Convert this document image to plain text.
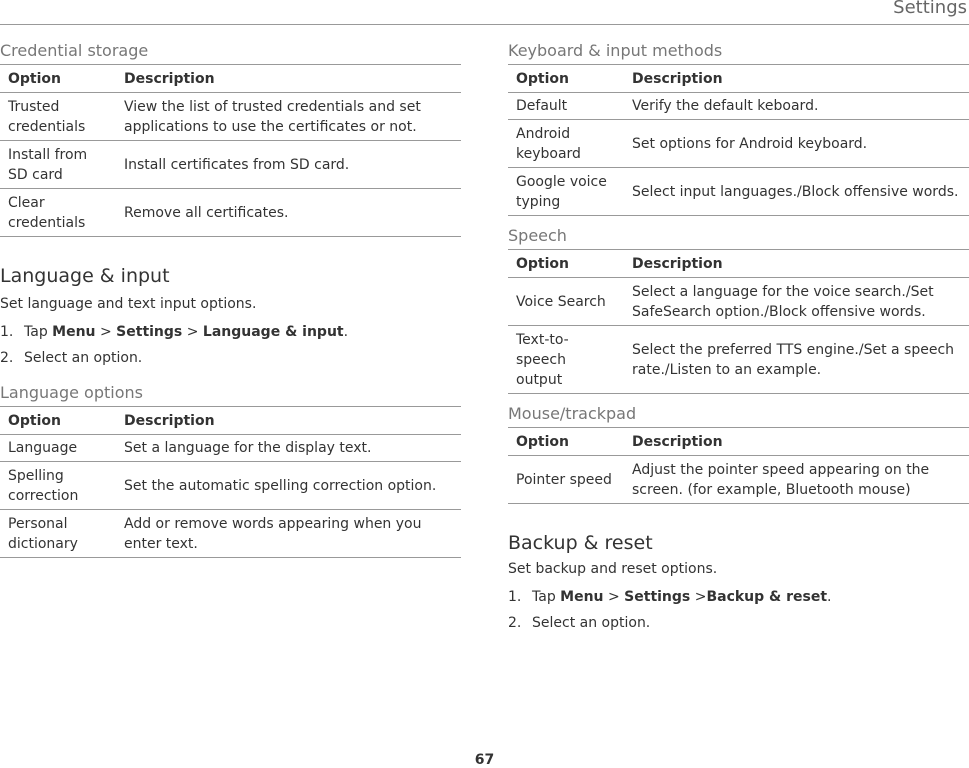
Settings
Credential storage
Option	Description
Trusted credentials	View the list of trusted credentials and set applications to use the certificates or not.
Install from SD card	Install certificates from SD card.
Clear credentials	Remove all certificates.
Language & input
Set language and text input options.
1. Tap Menu > Settings > Language & input.
2. Select an option.
Language options
Option	Description
Language	Set a language for the display text.
Spelling correction	Set the automatic spelling correction option.
Personal dictionary	Add or remove words appearing when you enter text.
Keyboard & input methods
Option	Description
Default	Verify the default keboard.
Android keyboard	Set options for Android keyboard.
Google voice typing	Select input languages./Block offensive words.
Speech
Option	Description
Voice Search	Select a language for the voice search./Set SafeSearch option./Block offensive words.
Text-to-speech output	Select the preferred TTS engine./Set a speech rate./Listen to an example.
Mouse/trackpad
Option	Description
Pointer speed	Adjust the pointer speed appearing on the screen. (for example, Bluetooth mouse)
Backup & reset
Set backup and reset options.
1. Tap Menu > Settings >Backup & reset.
2. Select an option.
67
